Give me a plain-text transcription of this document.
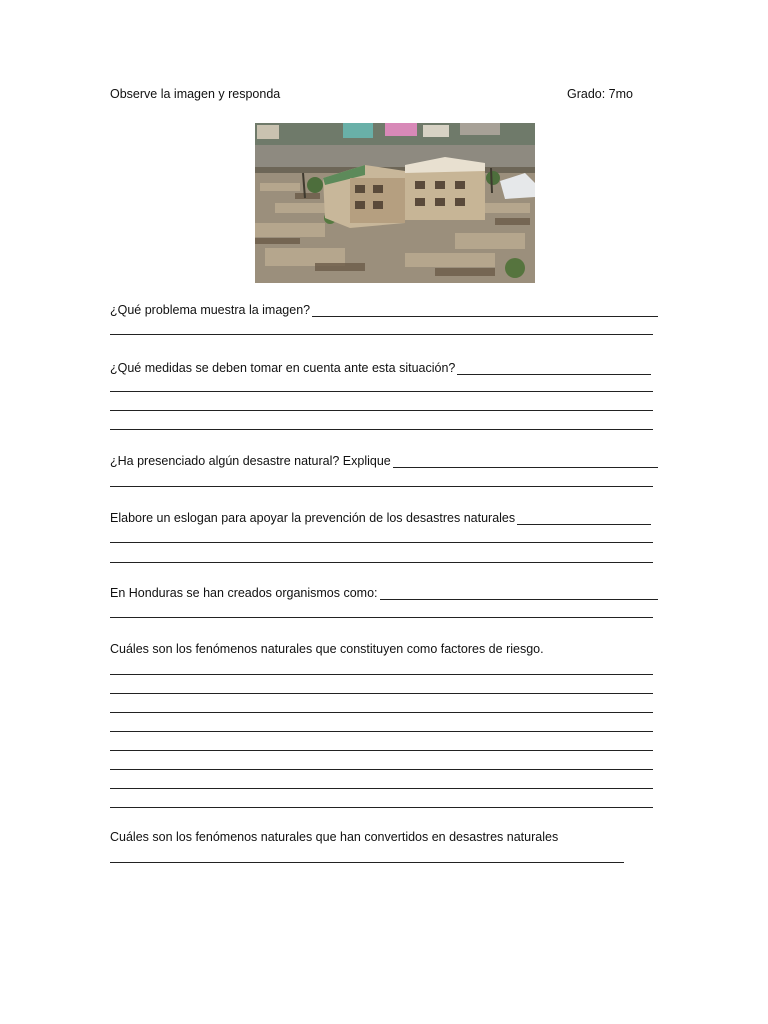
Observe la imagen y responda	Grado: 7mo
¿Qué problema muestra la imagen?
¿Qué medidas se deben tomar en cuenta ante esta situación?
¿Ha presenciado algún desastre natural? Explique
Elabore un eslogan para apoyar la prevención de los desastres naturales
En Honduras se han creados organismos como:
Cuáles son los fenómenos naturales que constituyen como factores de riesgo.
Cuáles son los fenómenos naturales que han convertidos en desastres naturales
